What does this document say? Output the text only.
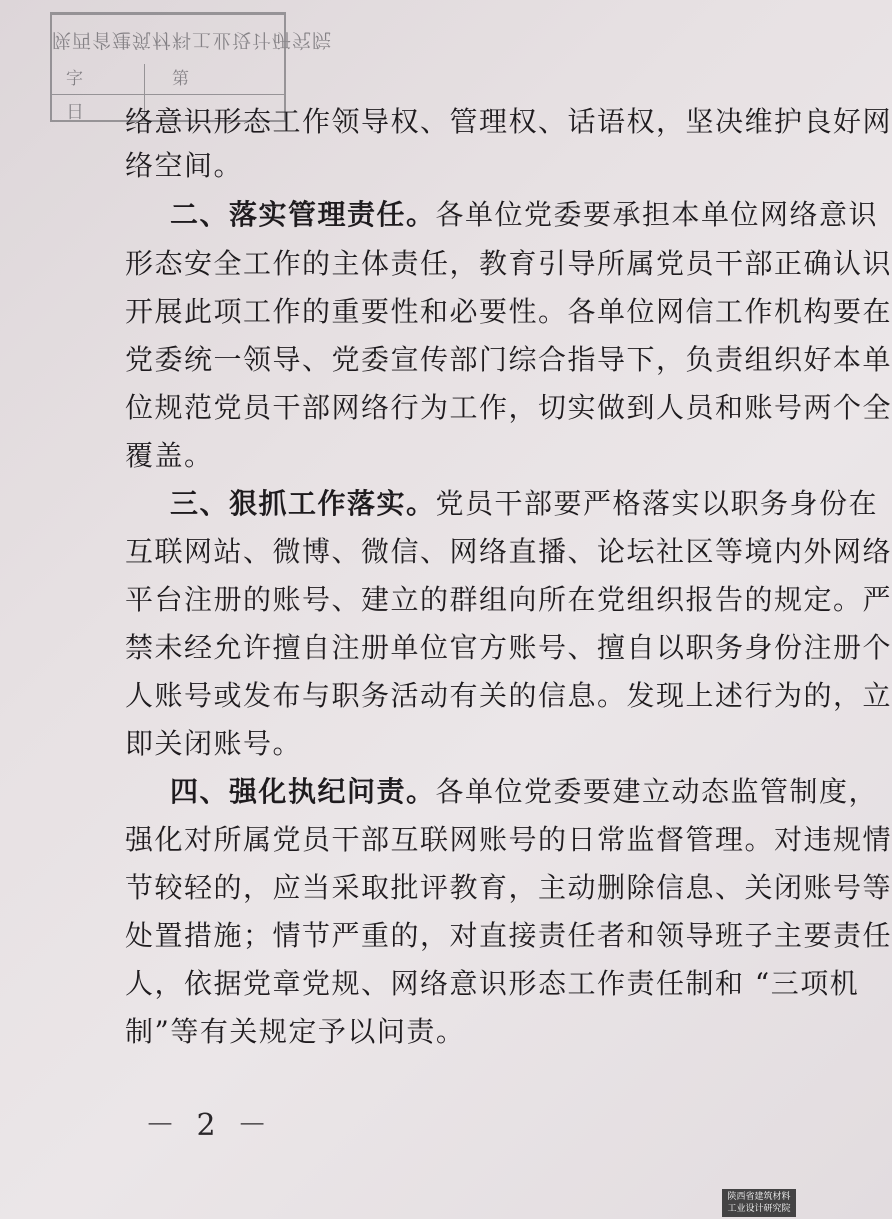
陕西省建筑材料工业设计研究院
字	第
日 络意识形态工作领导权、管理权、话语权，坚决维护良好网
络空间。
二、落实管理责任。各单位党委要承担本单位网络意识
形态安全工作的主体责任，教育引导所属党员干部正确认识
开展此项工作的重要性和必要性。各单位网信工作机构要在
党委统一领导、党委宣传部门综合指导下，负责组织好本单
位规范党员干部网络行为工作，切实做到人员和账号两个全
覆盖。
三、狠抓工作落实。党员干部要严格落实以职务身份在
互联网站、微博、微信、网络直播、论坛社区等境内外网络
平台注册的账号、建立的群组向所在党组织报告的规定。严
禁未经允许擅自注册单位官方账号、擅自以职务身份注册个
人账号或发布与职务活动有关的信息。发现上述行为的，立
即关闭账号。
四、强化执纪问责。各单位党委要建立动态监管制度，
强化对所属党员干部互联网账号的日常监督管理。对违规情
节较轻的，应当采取批评教育，主动删除信息、关闭账号等
处置措施；情节严重的，对直接责任者和领导班子主要责任
人，依据党章党规、网络意识形态工作责任制和 “三项机
制”等有关规定予以问责。
－ 2 －
陕西省建筑材料
工业设计研究院
